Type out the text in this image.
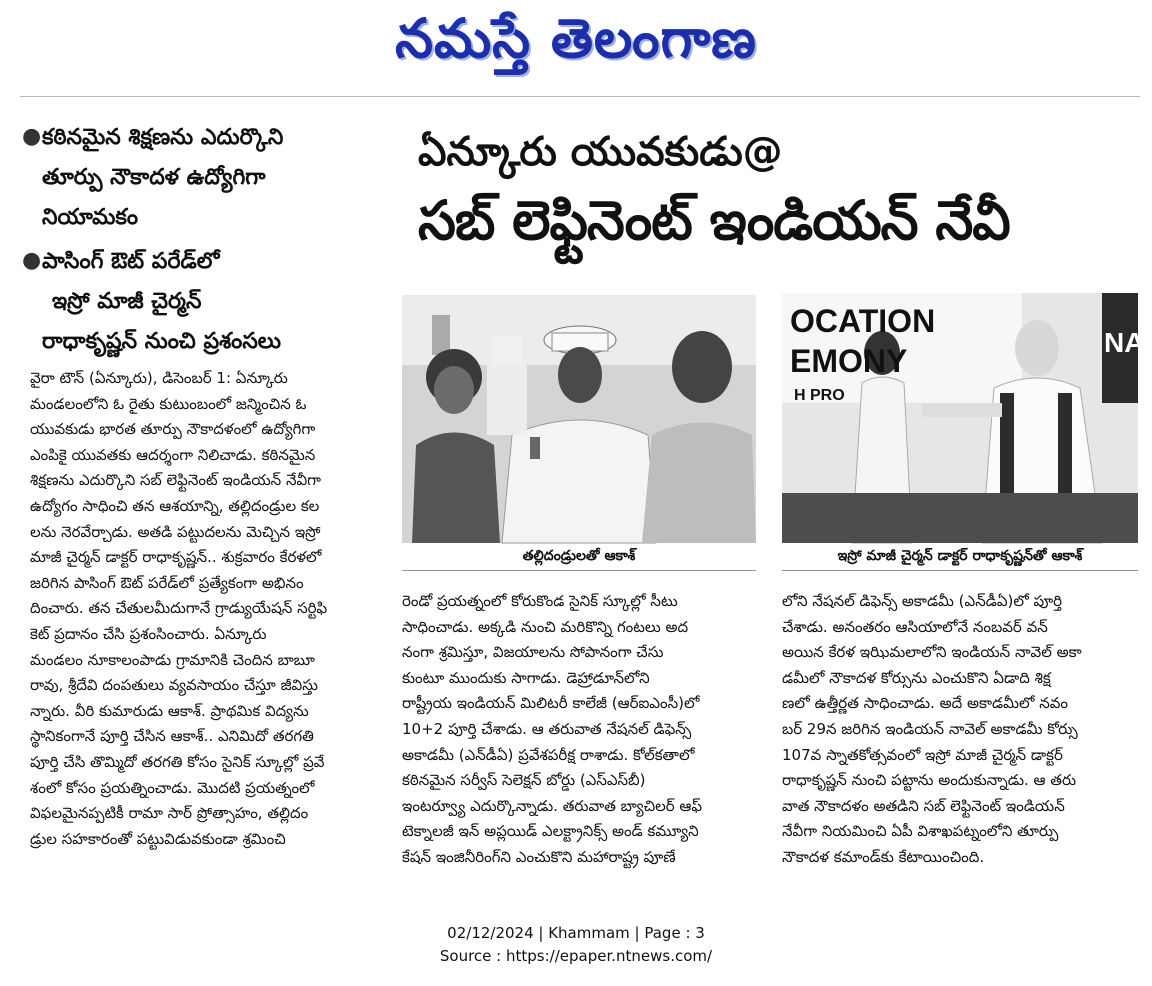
నమస్తే తెలంగాణ
● కఠినమైన శిక్షణను ఎదుర్కొని
తూర్పు నౌకాదళ ఉద్యోగిగా
నియామకం
● పాసింగ్ ఔట్ పరేడ్‌లో
ఇస్రో మాజీ చైర్మన్
రాధాకృష్ణన్ నుంచి ప్రశంసలు
ఏన్కూరు యువకుడు@
సబ్ లెఫ్టినెంట్ ఇండియన్ నేవీ
తల్లిదండ్రులతో ఆకాశ్
OCATION
EMONY
H PRO
NA
ఇస్రో మాజీ చైర్మన్ డాక్టర్ రాధాకృష్ణన్‌తో ఆకాశ్
వైరా టౌన్ (ఏన్కూరు), డిసెంబర్ 1: ఏన్కూరు
మండలంలోని ఓ రైతు కుటుంబంలో జన్మించిన ఓ
యువకుడు భారత తూర్పు నౌకాదళంలో ఉద్యోగిగా
ఎంపికై యువతకు ఆదర్శంగా నిలిచాడు. కఠినమైన
శిక్షణను ఎదుర్కొని సబ్ లెఫ్టినెంట్ ఇండియన్ నేవీగా
ఉద్యోగం సాధించి తన ఆశయాన్ని, తల్లిదండ్రుల కల
లను నెరవేర్చాడు. అతడి పట్టుదలను మెచ్చిన ఇస్రో
మాజీ చైర్మన్ డాక్టర్ రాధాకృష్ణన్.. శుక్రవారం కేరళలో
జరిగిన పాసింగ్ ఔట్ పరేడ్‌లో ప్రత్యేకంగా అభినం
దించారు. తన చేతులమీదుగానే గ్రాడ్యుయేషన్ సర్టిఫి
కెట్ ప్రదానం చేసి ప్రశంసించారు. ఏన్కూరు
మండలం నూకాలంపాడు గ్రామానికి చెందిన బాబూ
రావు, శ్రీదేవి దంపతులు వ్యవసాయం చేస్తూ జీవిస్తు
న్నారు. వీరి కుమారుడు ఆకాశ్. ప్రాథమిక విద్యను
స్థానికంగానే పూర్తి చేసిన ఆకాశ్.. ఎనిమిదో తరగతి
పూర్తి చేసి తొమ్మిదో తరగతి కోసం సైనిక్ స్కూల్లో ప్రవే
శంలో కోసం ప్రయత్నించాడు. మొదటి ప్రయత్నంలో
విఫలమైనప్పటికీ రామా సార్ ప్రోత్సాహం, తల్లిదం
డ్రుల సహకారంతో పట్టువిడువకుండా శ్రమించి
రెండో ప్రయత్నంలో కోరుకొండ సైనిక్ స్కూల్లో సీటు
సాధించాడు. అక్కడి నుంచి మరికొన్ని గంటలు అద
నంగా శ్రమిస్తూ, విజయాలను సోపానంగా చేసు
కుంటూ ముందుకు సాగాడు. డెహ్రాడూన్‌లోని
రాష్ట్రీయ ఇండియన్ మిలిటరీ కాలేజీ (ఆర్ఐఎంసీ)లో
10+2 పూర్తి చేశాడు. ఆ తరువాత నేషనల్ డిఫెన్స్
అకాడమీ (ఎన్‌డీఏ) ప్రవేశపరీక్ష రాశాడు. కోల్‌కతాలో
కఠినమైన సర్వీస్ సెలెక్షన్ బోర్డు (ఎస్ఎస్‌బీ)
ఇంటర్వ్యూ ఎదుర్కొన్నాడు. తరువాత బ్యాచిలర్ ఆఫ్
టెక్నాలజీ ఇన్ అప్లయిడ్ ఎలక్ట్రానిక్స్ అండ్ కమ్యూని
కేషన్ ఇంజినీరింగ్‌ని ఎంచుకొని మహారాష్ట్ర పూణే
లోని నేషనల్ డిఫెన్స్ అకాడమీ (ఎన్‌డీఏ)లో పూర్తి
చేశాడు. అనంతరం ఆసియాలోనే నంబవర్ వన్
అయిన కేరళ ఇఝిమలాలోని ఇండియన్ నావెల్ అకా
డమీలో నౌకాదళ కోర్సును ఎంచుకొని ఏడాది శిక్ష
ణలో ఉత్తీర్ణత సాధించాడు. అదే అకాడమీలో నవం
బర్ 29న జరిగిన ఇండియన్ నావెల్ అకాడమీ కోర్సు
107వ స్నాతకోత్సవంలో ఇస్రో మాజీ చైర్మన్ డాక్టర్
రాధాకృష్ణన్ నుంచి పట్టాను అందుకున్నాడు. ఆ తరు
వాత నౌకాదళం అతడిని సబ్ లెఫ్టినెంట్ ఇండియన్
నేవీగా నియమించి ఏపీ విశాఖపట్నంలోని తూర్పు
నౌకాదళ కమాండ్‌కు కేటాయించింది.
02/12/2024 | Khammam | Page : 3
Source : https://epaper.ntnews.com/
